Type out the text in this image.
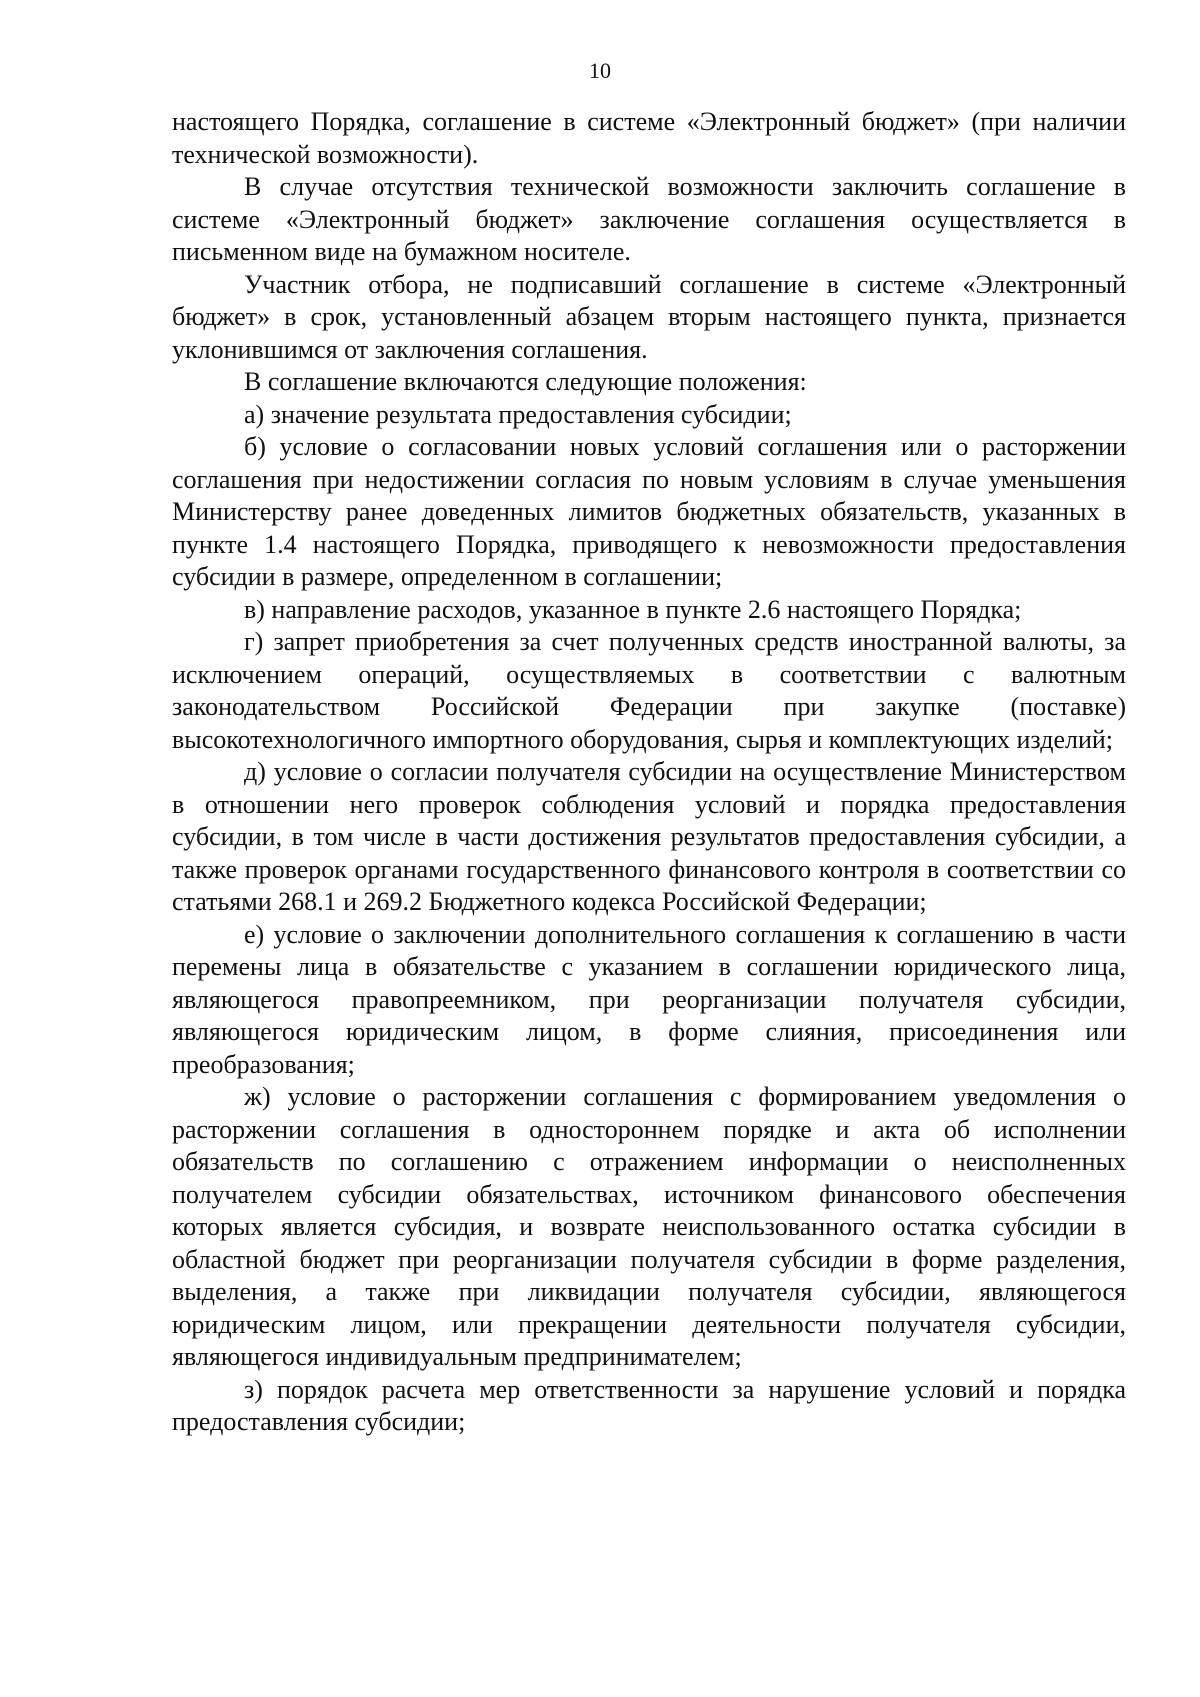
10

настоящего Порядка, соглашение в системе «Электронный бюджет» (при наличии технической возможности).

В случае отсутствия технической возможности заключить соглашение в системе «Электронный бюджет» заключение соглашения осуществляется в письменном виде на бумажном носителе.

Участник отбора, не подписавший соглашение в системе «Электронный бюджет» в срок, установленный абзацем вторым настоящего пункта, признается уклонившимся от заключения соглашения.

В соглашение включаются следующие положения:

а) значение результата предоставления субсидии;

б) условие о согласовании новых условий соглашения или о расторжении соглашения при недостижении согласия по новым условиям в случае уменьшения Министерству ранее доведенных лимитов бюджетных обязательств, указанных в пункте 1.4 настоящего Порядка, приводящего к невозможности предоставления субсидии в размере, определенном в соглашении;

в) направление расходов, указанное в пункте 2.6 настоящего Порядка;

г) запрет приобретения за счет полученных средств иностранной валюты, за исключением операций, осуществляемых в соответствии с валютным законодательством Российской Федерации при закупке (поставке) высокотехнологичного импортного оборудования, сырья и комплектующих изделий;

д) условие о согласии получателя субсидии на осуществление Министерством в отношении него проверок соблюдения условий и порядка предоставления субсидии, в том числе в части достижения результатов предоставления субсидии, а также проверок органами государственного финансового контроля в соответствии со статьями 268.1 и 269.2 Бюджетного кодекса Российской Федерации;

е) условие о заключении дополнительного соглашения к соглашению в части перемены лица в обязательстве с указанием в соглашении юридического лица, являющегося правопреемником, при реорганизации получателя субсидии, являющегося юридическим лицом, в форме слияния, присоединения или преобразования;

ж) условие о расторжении соглашения с формированием уведомления о расторжении соглашения в одностороннем порядке и акта об исполнении обязательств по соглашению с отражением информации о неисполненных получателем субсидии обязательствах, источником финансового обеспечения которых является субсидия, и возврате неиспользованного остатка субсидии в областной бюджет при реорганизации получателя субсидии в форме разделения, выделения, а также при ликвидации получателя субсидии, являющегося юридическим лицом, или прекращении деятельности получателя субсидии, являющегося индивидуальным предпринимателем;

з) порядок расчета мер ответственности за нарушение условий и порядка предоставления субсидии;
